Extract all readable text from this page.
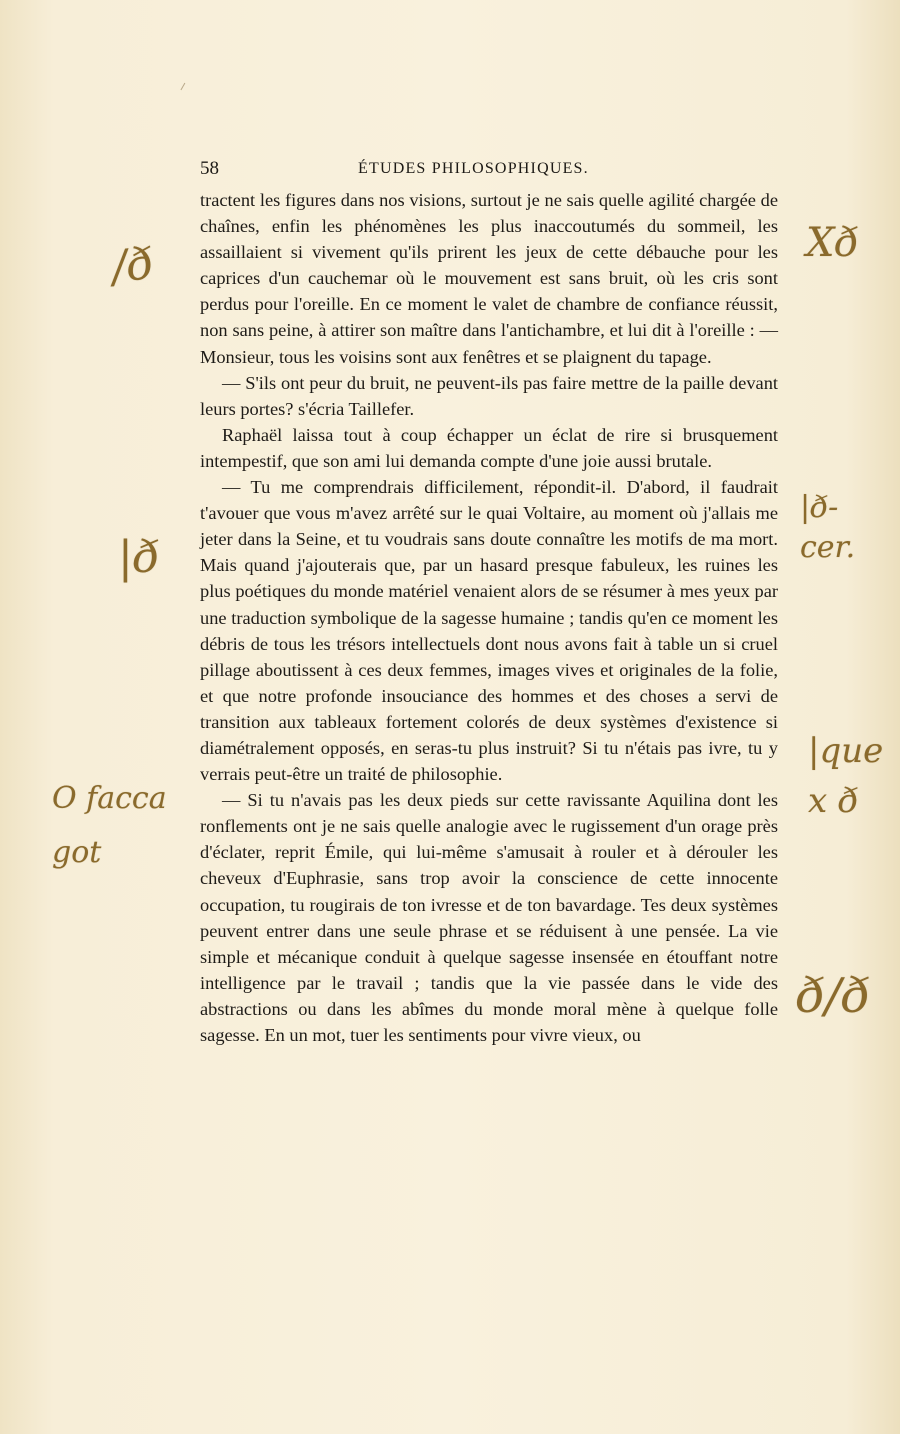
58	ÉTUDES PHILOSOPHIQUES.

tractent les figures dans nos visions, surtout je ne sais quelle agilité chargée de chaînes, enfin les phénomènes les plus inaccoutumés du sommeil, les assaillaient si vivement qu'ils prirent les jeux de cette débauche pour les caprices d'un cauchemar où le mouvement est sans bruit, où les cris sont perdus pour l'oreille. En ce moment le valet de chambre de confiance réussit, non sans peine, à attirer son maître dans l'antichambre, et lui dit à l'oreille : — Monsieur, tous les voisins sont aux fenêtres et se plaignent du tapage.

— S'ils ont peur du bruit, ne peuvent-ils pas faire mettre de la paille devant leurs portes? s'écria Taillefer.

Raphaël laissa tout à coup échapper un éclat de rire si brusquement intempestif, que son ami lui demanda compte d'une joie aussi brutale.

— Tu me comprendrais difficilement, répondit-il. D'abord, il faudrait t'avouer que vous m'avez arrêté sur le quai Voltaire, au moment où j'allais me jeter dans la Seine, et tu voudrais sans doute connaître les motifs de ma mort. Mais quand j'ajouterais que, par un hasard presque fabuleux, les ruines les plus poétiques du monde matériel venaient alors de se résumer à mes yeux par une traduction symbolique de la sagesse humaine ; tandis qu'en ce moment les débris de tous les trésors intellectuels dont nous avons fait à table un si cruel pillage aboutissent à ces deux femmes, images vives et originales de la folie, et que notre profonde insouciance des hommes et des choses a servi de transition aux tableaux fortement colorés de deux systèmes d'existence si diamétralement opposés, en seras-tu plus instruit? Si tu n'étais pas ivre, tu y verrais peut-être un traité de philosophie.

— Si tu n'avais pas les deux pieds sur cette ravissante Aquilina dont les ronflements ont je ne sais quelle analogie avec le rugissement d'un orage près d'éclater, reprit Émile, qui lui-même s'amusait à rouler et à dérouler les cheveux d'Euphrasie, sans trop avoir la conscience de cette innocente occupation, tu rougirais de ton ivresse et de ton bavardage. Tes deux systèmes peuvent entrer dans une seule phrase et se réduisent à une pensée. La vie simple et mécanique conduit à quelque sagesse insensée en étouffant notre intelligence par le travail ; tandis que la vie passée dans le vide des abstractions ou dans les abîmes du monde moral mène à quelque folle sagesse. En un mot, tuer les sentiments pour vivre vieux, ou

/ð	Xð
|ð-
cer.
|ð
|que
x ð
O facca
got
ð/ð
